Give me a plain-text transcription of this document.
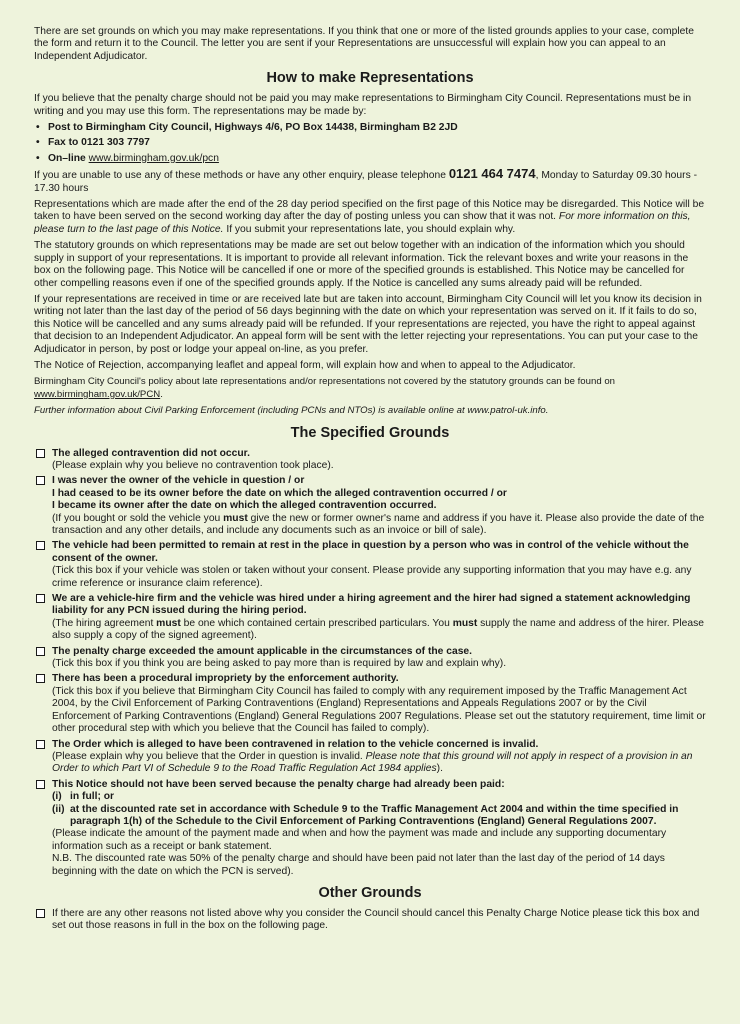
There are set grounds on which you may make representations. If you think that one or more of the listed grounds applies to your case, complete the form and return it to the Council. The letter you are sent if your Representations are unsuccessful will explain how you can appeal to an Independent Adjudicator.

How to make Representations

If you believe that the penalty charge should not be paid you may make representations to Birmingham City Council. Representations must be in writing and you may use this form. The representations may be made by:

• Post to Birmingham City Council, Highways 4/6, PO Box 14438, Birmingham B2 2JD
• Fax to 0121 303 7797
• On–line www.birmingham.gov.uk/pcn

If you are unable to use any of these methods or have any other enquiry, please telephone 0121 464 7474, Monday to Saturday 09.30 hours - 17.30 hours

Representations which are made after the end of the 28 day period specified on the first page of this Notice may be disregarded. This Notice will be taken to have been served on the second working day after the day of posting unless you can show that it was not. For more information on this, please turn to the last page of this Notice. If you submit your representations late, you should explain why.

The statutory grounds on which representations may be made are set out below together with an indication of the information which you should supply in support of your representations. It is important to provide all relevant information. Tick the relevant boxes and write your reasons in the box on the following page. This Notice will be cancelled if one or more of the specified grounds is established. This Notice may be cancelled for other compelling reasons even if one of the specified grounds apply. If the Notice is cancelled any sums already paid will be refunded.

If your representations are received in time or are received late but are taken into account, Birmingham City Council will let you know its decision in writing not later than the last day of the period of 56 days beginning with the date on which your representation was served on it. If it fails to do so, this Notice will be cancelled and any sums already paid will be refunded. If your representations are rejected, you have the right to appeal against that decision to an Independent Adjudicator. An appeal form will be sent with the letter rejecting your representations. You can put your case to the Adjudicator in person, by post or lodge your appeal on-line, as you prefer.

The Notice of Rejection, accompanying leaflet and appeal form, will explain how and when to appeal to the Adjudicator.

Birmingham City Council's policy about late representations and/or representations not covered by the statutory grounds can be found on www.birmingham.gov.uk/PCN.

Further information about Civil Parking Enforcement (including PCNs and NTOs) is available online at www.patrol-uk.info.

The Specified Grounds
The alleged contravention did not occur.
(Please explain why you believe no contravention took place).
I was never the owner of the vehicle in question / or
I had ceased to be its owner before the date on which the alleged contravention occurred / or
I became its owner after the date on which the alleged contravention occurred.
(If you bought or sold the vehicle you must give the new or former owner's name and address if you have it. Please also provide the date of the transaction and any other details, and include any documents such as an invoice or bill of sale).
The vehicle had been permitted to remain at rest in the place in question by a person who was in control of the vehicle without the consent of the owner.
(Tick this box if your vehicle was stolen or taken without your consent. Please provide any supporting information that you may have e.g. any crime reference or insurance claim reference).
We are a vehicle-hire firm and the vehicle was hired under a hiring agreement and the hirer had signed a statement acknowledging liability for any PCN issued during the hiring period.
(The hiring agreement must be one which contained certain prescribed particulars. You must supply the name and address of the hirer. Please also supply a copy of the signed agreement).
The penalty charge exceeded the amount applicable in the circumstances of the case.
(Tick this box if you think you are being asked to pay more than is required by law and explain why).
There has been a procedural impropriety by the enforcement authority.
(Tick this box if you believe that Birmingham City Council has failed to comply with any requirement imposed by the Traffic Management Act 2004, by the Civil Enforcement of Parking Contraventions (England) Representations and Appeals Regulations 2007 or by the Civil Enforcement of Parking Contraventions (England) General Regulations 2007 Regulations. Please set out the statutory requirement, time limit or other procedural step with which you believe that the Council has failed to comply).
The Order which is alleged to have been contravened in relation to the vehicle concerned is invalid.
(Please explain why you believe that the Order in question is invalid. Please note that this ground will not apply in respect of a provision in an Order to which Part VI of Schedule 9 to the Road Traffic Regulation Act 1984 applies).
This Notice should not have been served because the penalty charge had already been paid:
(i) in full; or
(ii) at the discounted rate set in accordance with Schedule 9 to the Traffic Management Act 2004 and within the time specified in paragraph 1(h) of the Schedule to the Civil Enforcement of Parking Contraventions (England) General Regulations 2007.
(Please indicate the amount of the payment made and when and how the payment was made and include any supporting documentary information such as a receipt or bank statement.
N.B. The discounted rate was 50% of the penalty charge and should have been paid not later than the last day of the period of 14 days beginning with the date on which the PCN is served).
Other Grounds
If there are any other reasons not listed above why you consider the Council should cancel this Penalty Charge Notice please tick this box and set out those reasons in full in the box on the following page.
